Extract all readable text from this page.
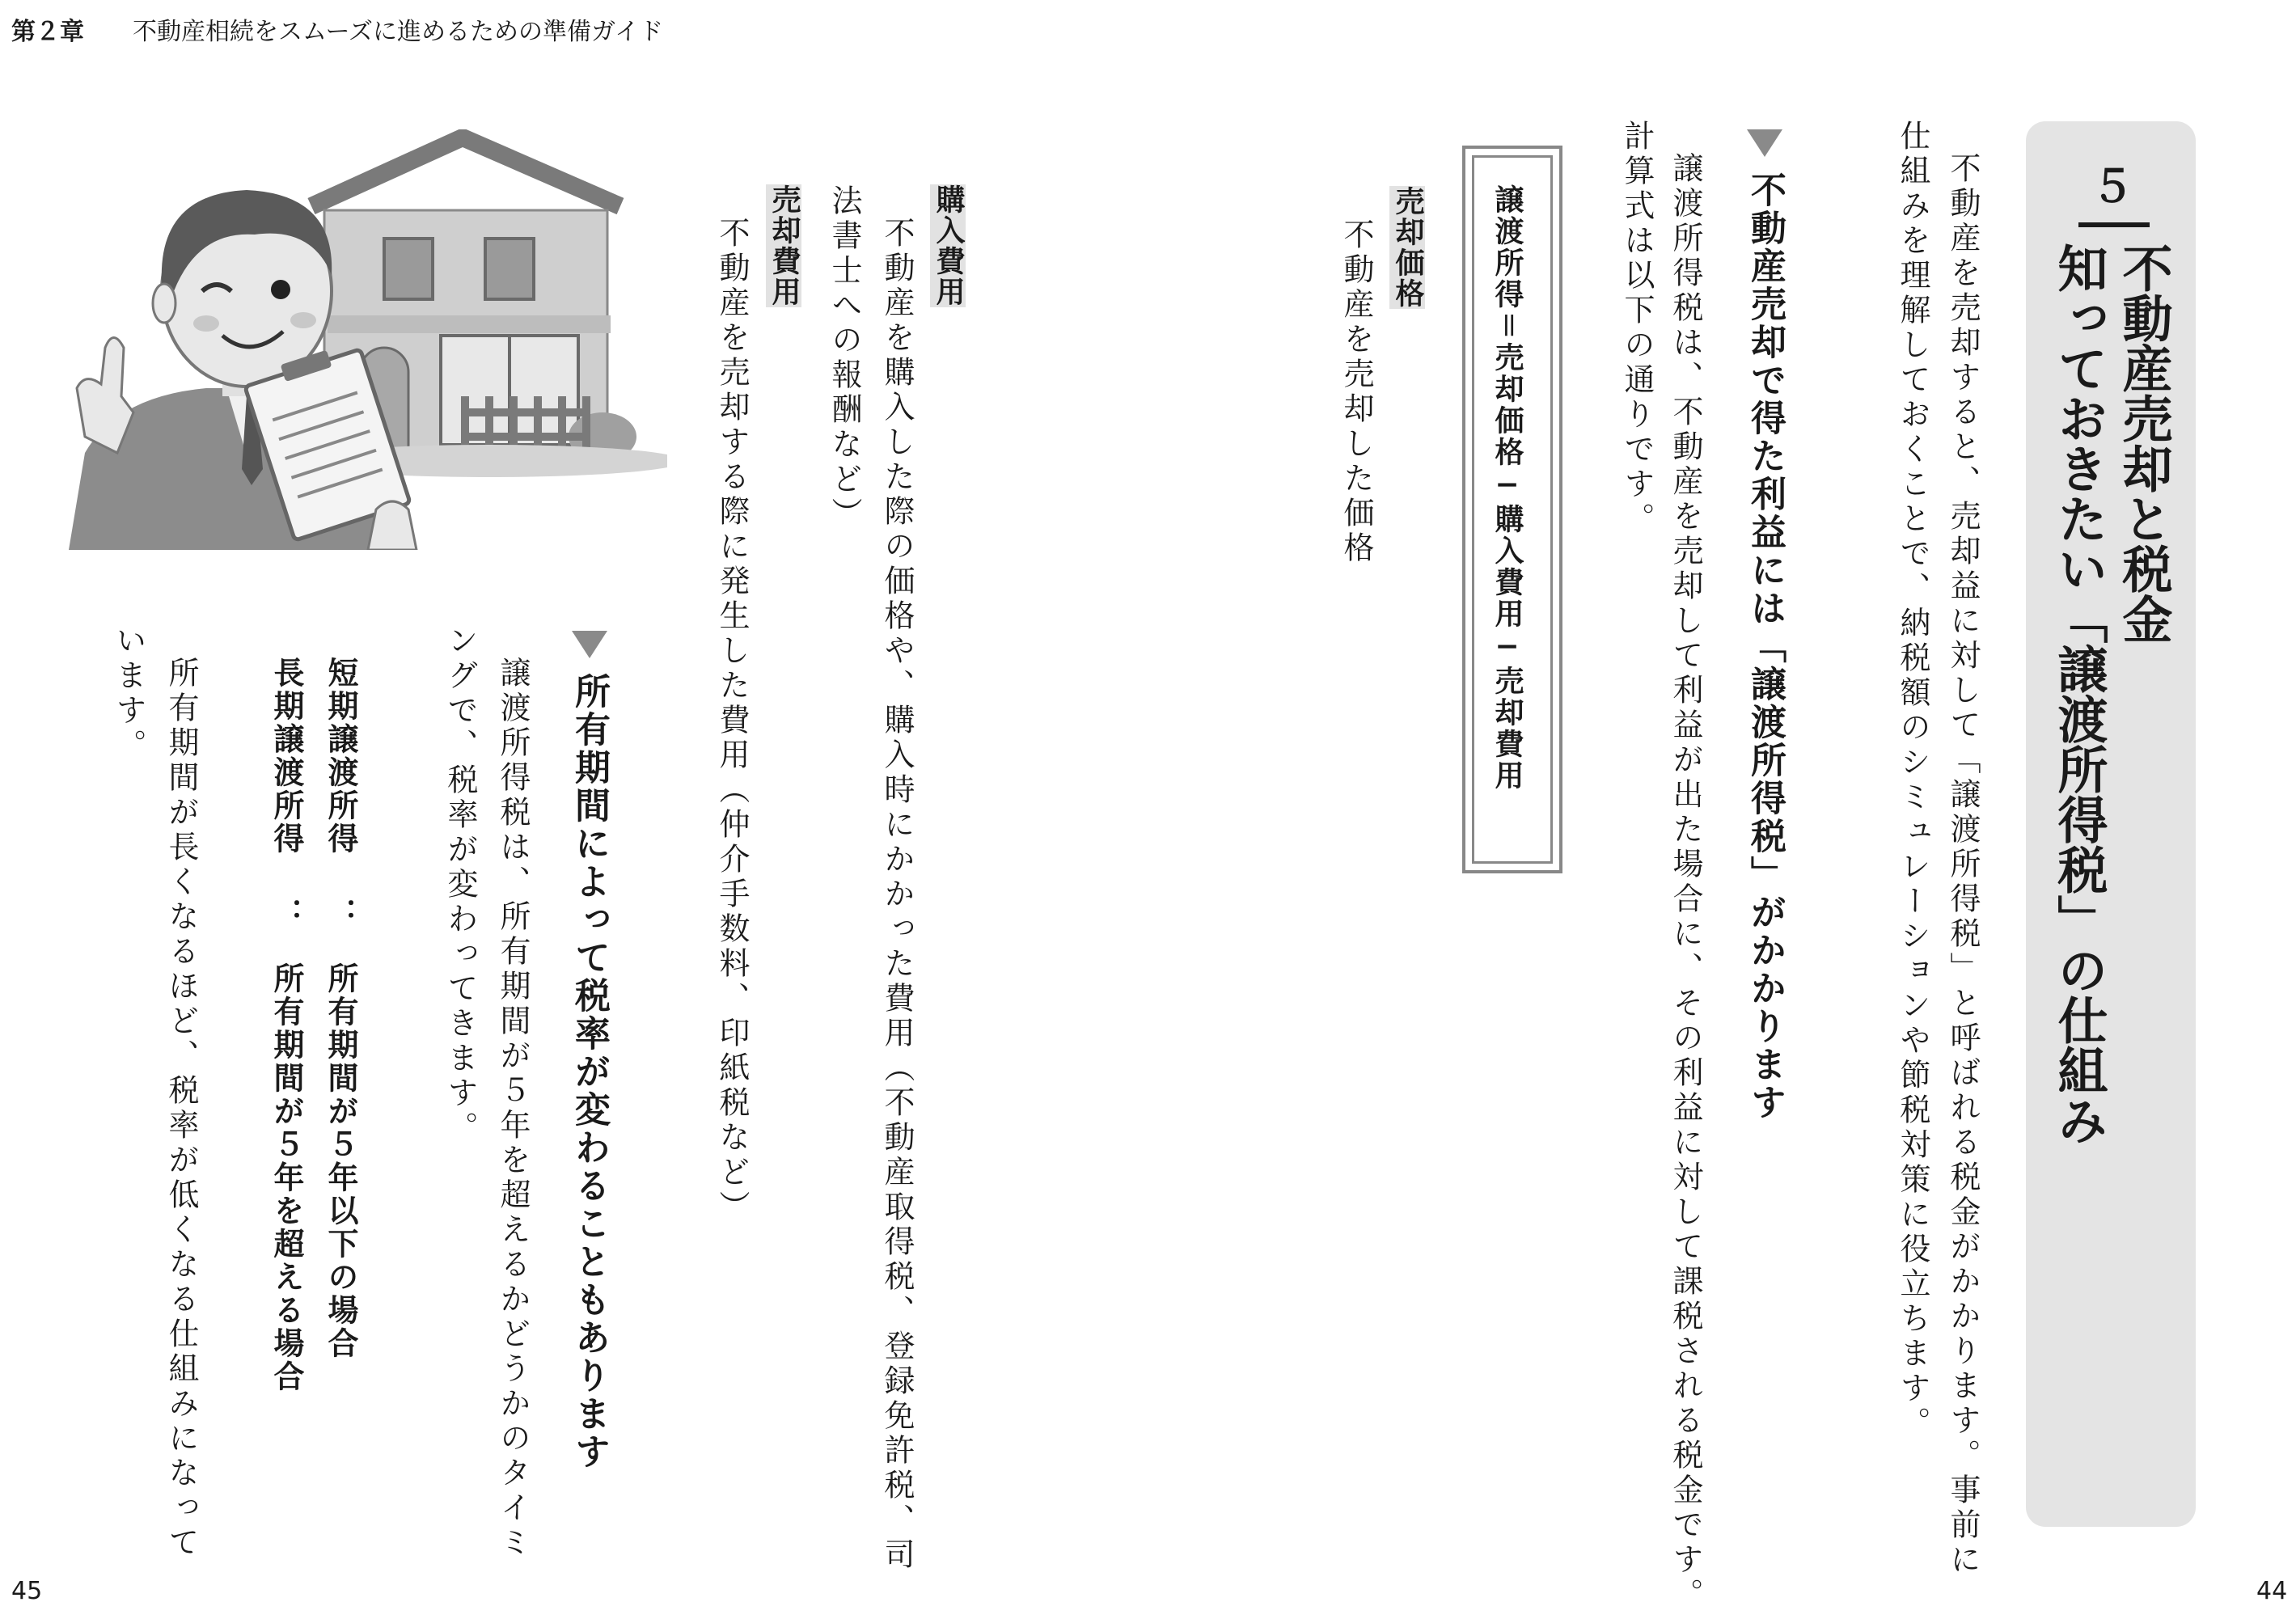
第２章 不動産相続をスムーズに進めるための準備ガイド
45	44
５
不動産売却と税金
知っておきたい「譲渡所得税」の仕組み
不動産を売却すると、売却益に対して「譲渡所得税」と呼ばれる税金がかかります。事前に
仕組みを理解しておくことで、納税額のシミュレーションや節税対策に役立ちます。
不動産売却で得た利益には「譲渡所得税」がかかります
譲渡所得税は、不動産を売却して利益が出た場合に、その利益に対して課税される税金です。
計算式は以下の通りです。
譲渡所得＝売却価格−購入費用−売却費用
売却価格
不動産を売却した価格
購入費用
不動産を購入した際の価格や、購入時にかかった費用（不動産取得税、登録免許税、司
法書士への報酬など）
売却費用
不動産を売却する際に発生した費用（仲介手数料、印紙税など）
所有期間によって税率が変わることもあります
譲渡所得税は、所有期間が５年を超えるかどうかのタイミ
ングで、税率が変わってきます。
短期譲渡所得
：
所有期間が５年以下の場合
長期譲渡所得
：
所有期間が５年を超える場合
所有期間が長くなるほど、税率が低くなる仕組みになって
います。
